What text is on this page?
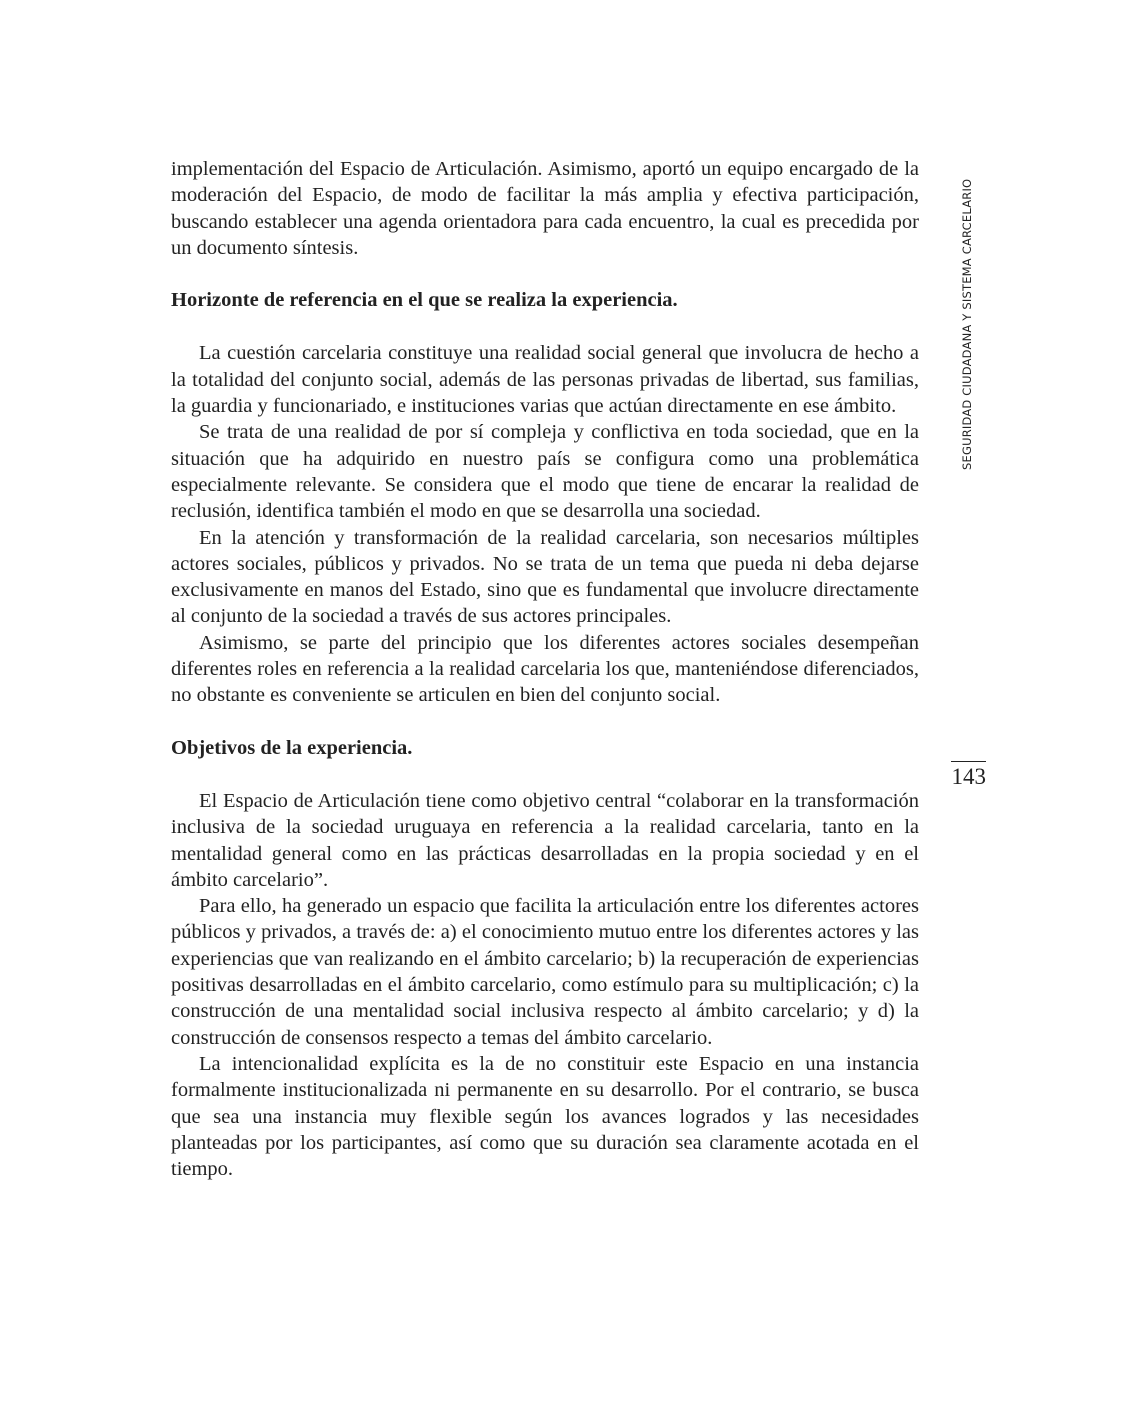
SEGURIDAD CIUDADANA Y SISTEMA CARCELARIO
143

implementación del Espacio de Articulación. Asimismo, aportó un equipo encargado de la moderación del Espacio, de modo de facilitar la más amplia y efectiva participación, buscando establecer una agenda orientadora para cada encuentro, la cual es precedida por un documento síntesis.

Horizonte de referencia en el que se realiza la experiencia.

La cuestión carcelaria constituye una realidad social general que involucra de hecho a la totalidad del conjunto social, además de las personas privadas de libertad, sus familias, la guardia y funcionariado, e instituciones varias que actúan directamente en ese ámbito.

Se trata de una realidad de por sí compleja y conflictiva en toda sociedad, que en la situación que ha adquirido en nuestro país se configura como una problemática especialmente relevante. Se considera que el modo que tiene de encarar la realidad de reclusión, identifica también el modo en que se desarrolla una sociedad.

En la atención y transformación de la realidad carcelaria, son necesarios múltiples actores sociales, públicos y privados. No se trata de un tema que pueda ni deba dejarse exclusivamente en manos del Estado, sino que es fundamental que involucre directamente al conjunto de la sociedad a través de sus actores principales.

Asimismo, se parte del principio que los diferentes actores sociales desempeñan diferentes roles en referencia a la realidad carcelaria los que, manteniéndose diferenciados, no obstante es conveniente se articulen en bien del conjunto social.

Objetivos de la experiencia.

El Espacio de Articulación tiene como objetivo central “colaborar en la transformación inclusiva de la sociedad uruguaya en referencia a la realidad carcelaria, tanto en la mentalidad general como en las prácticas desarrolladas en la propia sociedad y en el ámbito carcelario”.

Para ello, ha generado un espacio que facilita la articulación entre los diferentes actores públicos y privados, a través de: a) el conocimiento mutuo entre los diferentes actores y las experiencias que van realizando en el ámbito carcelario; b) la recuperación de experiencias positivas desarrolladas en el ámbito carcelario, como estímulo para su multiplicación; c) la construcción de una mentalidad social inclusiva respecto al ámbito carcelario; y d) la construcción de consensos respecto a temas del ámbito carcelario.

La intencionalidad explícita es la de no constituir este Espacio en una instancia formalmente institucionalizada ni permanente en su desarrollo. Por el contrario, se busca que sea una instancia muy flexible según los avances logrados y las necesidades planteadas por los participantes, así como que su duración sea claramente acotada en el tiempo.
